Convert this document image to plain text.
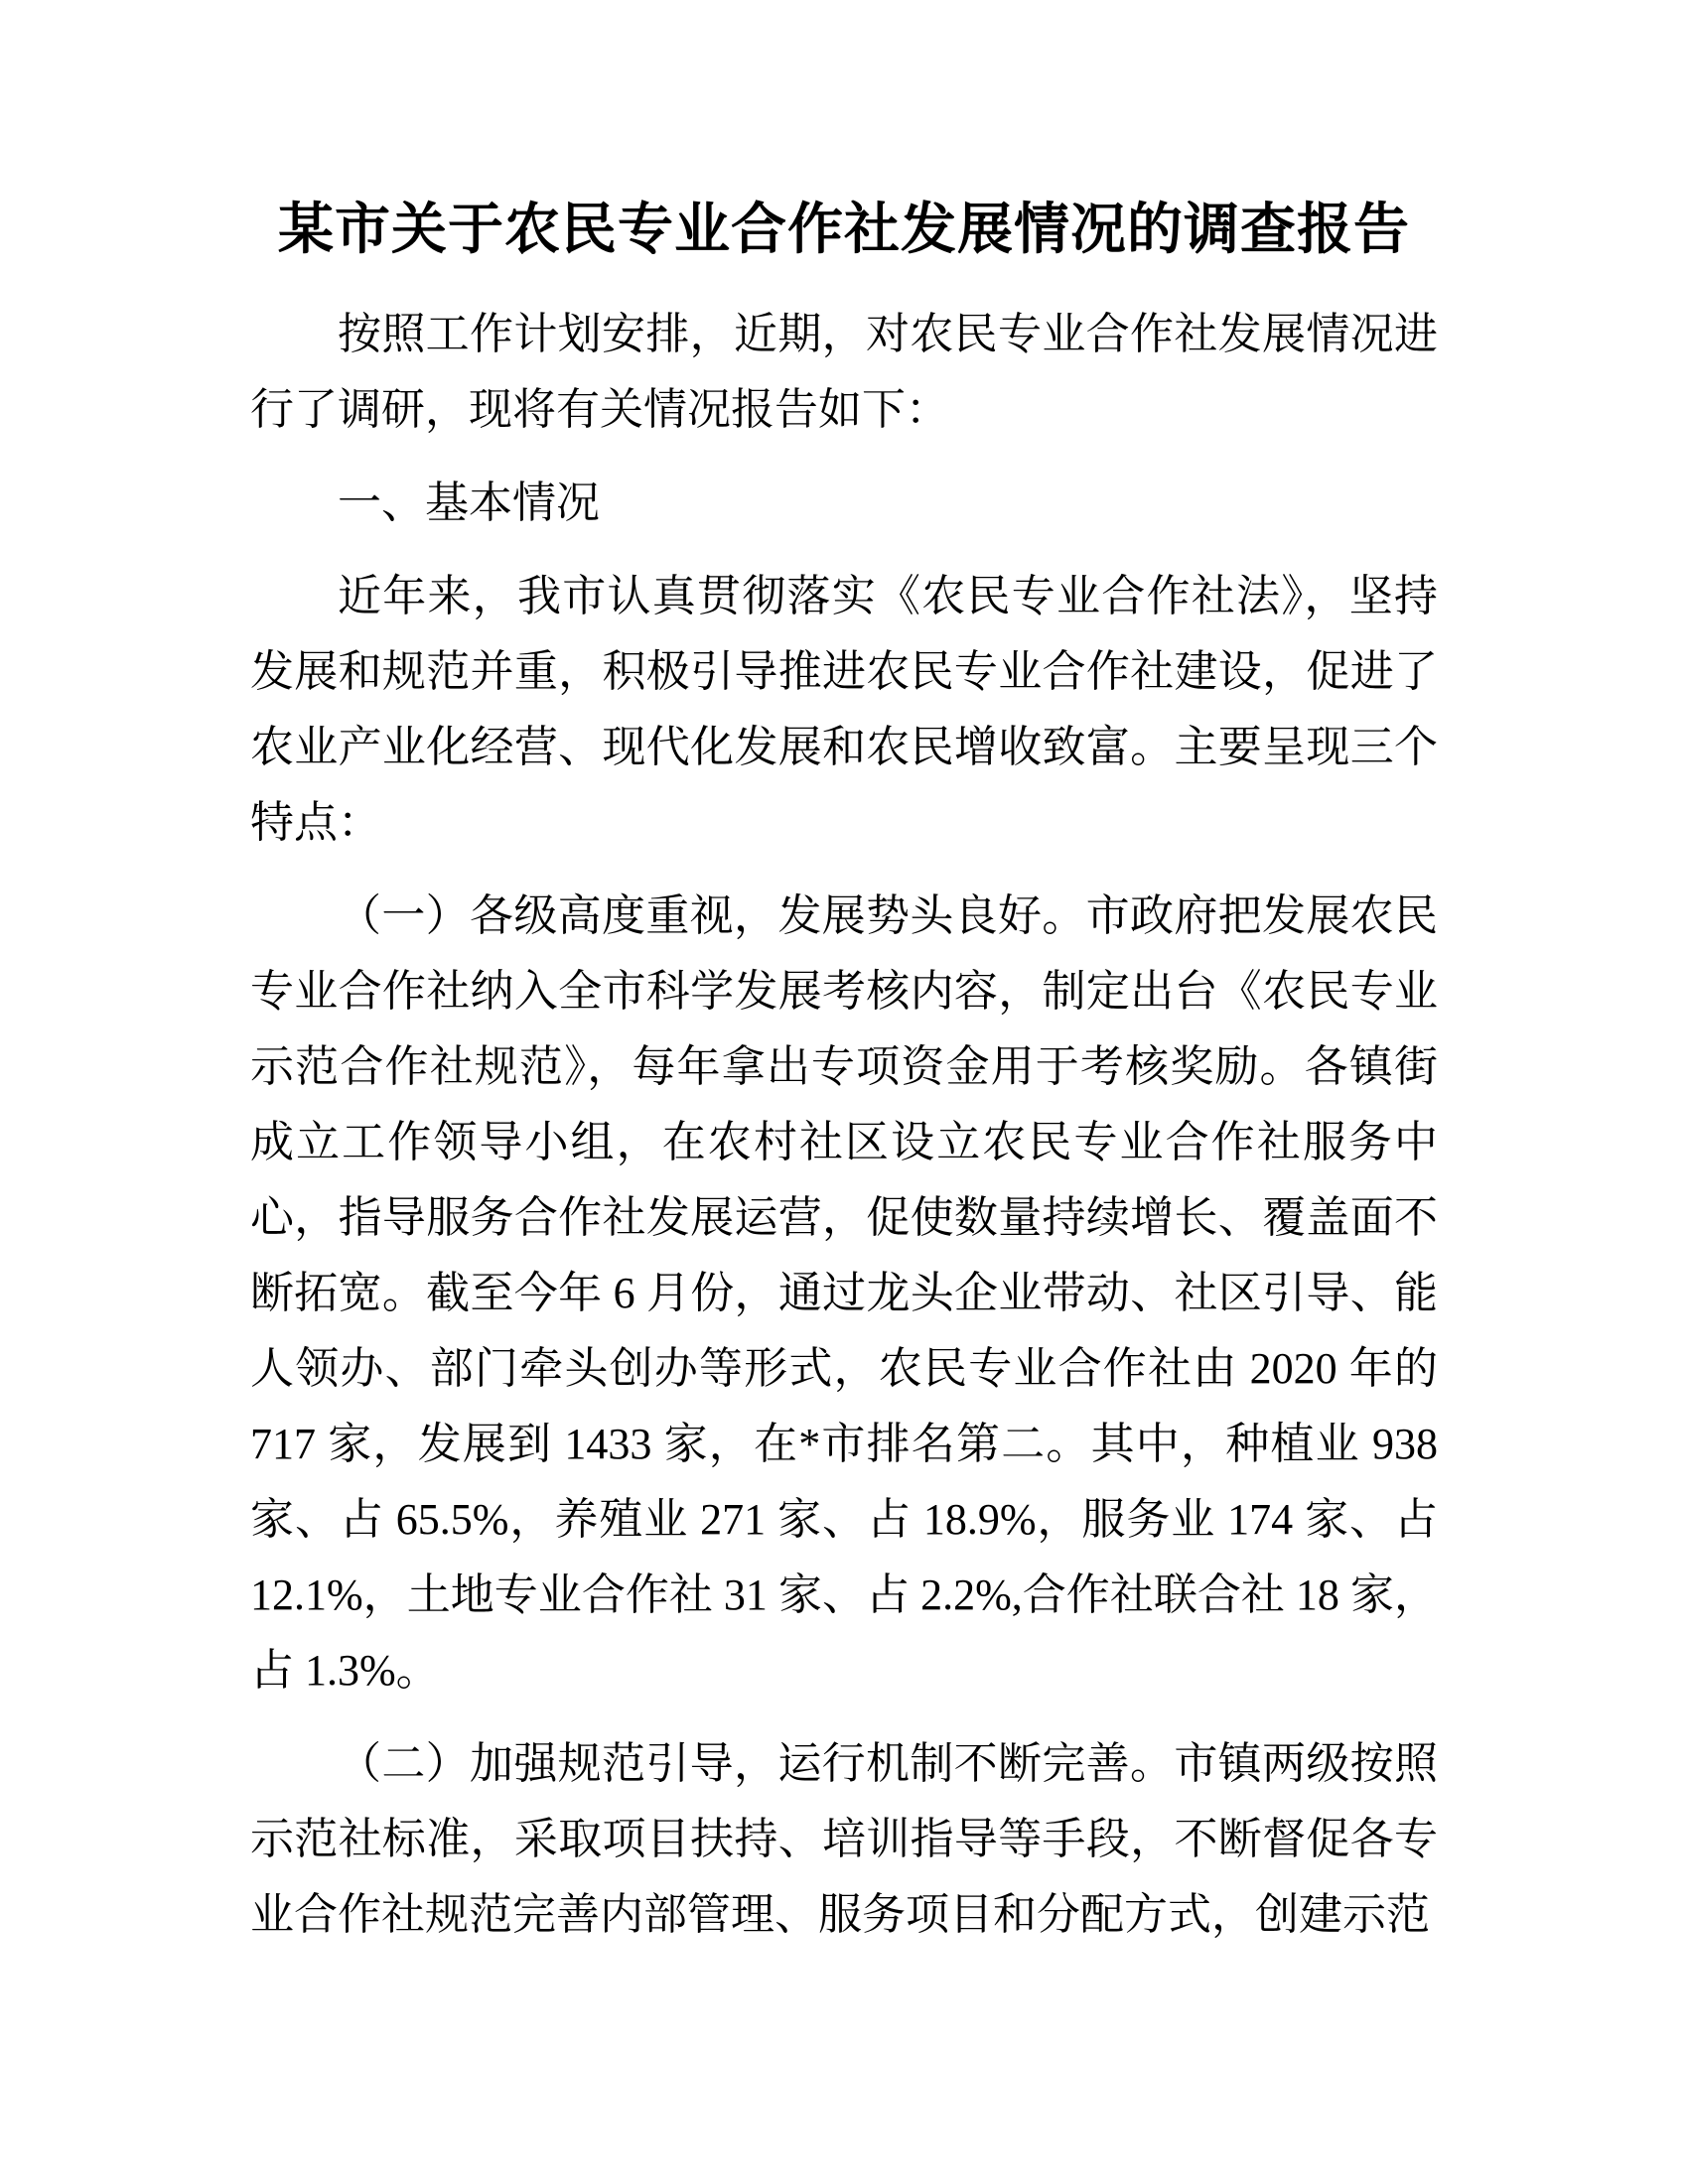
某市关于农民专业合作社发展情况的调查报告

按照工作计划安排，近期，对农民专业合作社发展情况进行了调研，现将有关情况报告如下：

一、基本情况

近年来，我市认真贯彻落实《农民专业合作社法》，坚持发展和规范并重，积极引导推进农民专业合作社建设，促进了农业产业化经营、现代化发展和农民增收致富。主要呈现三个特点：

（一）各级高度重视，发展势头良好。市政府把发展农民专业合作社纳入全市科学发展考核内容，制定出台《农民专业示范合作社规范》，每年拿出专项资金用于考核奖励。各镇街成立工作领导小组，在农村社区设立农民专业合作社服务中心，指导服务合作社发展运营，促使数量持续增长、覆盖面不断拓宽。截至今年 6 月份，通过龙头企业带动、社区引导、能人领办、部门牵头创办等形式，农民专业合作社由 2020 年的 717 家，发展到 1433 家，在*市排名第二。其中，种植业 938 家、占 65.5%，养殖业 271 家、占 18.9%，服务业 174 家、占 12.1%，土地专业合作社 31 家、占 2.2%,合作社联合社 18 家，占 1.3%。

（二）加强规范引导，运行机制不断完善。市镇两级按照示范社标准，采取项目扶持、培训指导等手段，不断督促各专业合作社规范完善内部管理、服务项目和分配方式，创建示范
